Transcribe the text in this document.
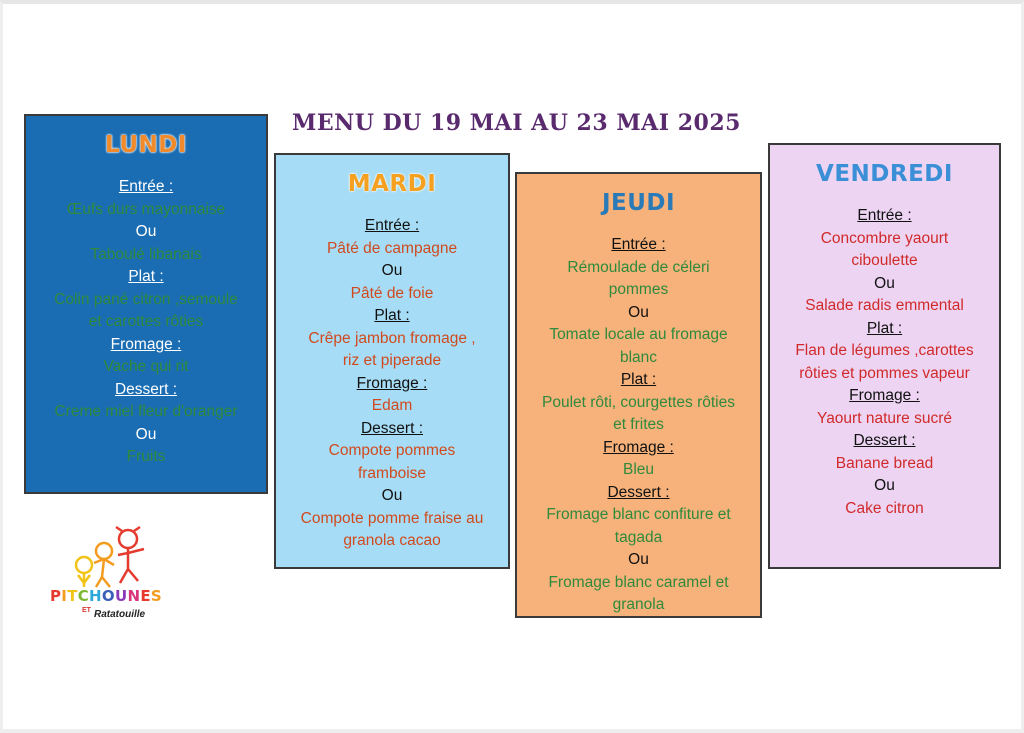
MENU DU 19 MAI AU 23 MAI 2025
LUNDI
Entrée :
Œufs durs mayonnaise
Ou
Taboulé libanais
Plat :
Colin pané citron ,semoule
et carottes rôties
Fromage :
Vache qui rit
Dessert :
Creme miel fleur d'oranger
Ou
Fruits
MARDI
Entrée :
Pâté de campagne
Ou
Pâté de foie
Plat :
Crêpe jambon fromage ,
riz et piperade
Fromage :
Edam
Dessert :
Compote pommes
framboise
Ou
Compote pomme fraise au
granola cacao
JEUDI
Entrée :
Rémoulade de céleri
pommes
Ou
Tomate locale au fromage
blanc
Plat :
Poulet rôti, courgettes rôties
et frites
Fromage :
Bleu
Dessert :
Fromage blanc confiture et
tagada
Ou
Fromage blanc caramel et
granola
VENDREDI
Entrée :
Concombre yaourt
ciboulette
Ou
Salade radis emmental
Plat :
Flan de légumes ,carottes
rôties et pommes vapeur
Fromage :
Yaourt nature sucré
Dessert :
Banane bread
Ou
Cake citron
PITCHOUNES
ET Ratatouille
